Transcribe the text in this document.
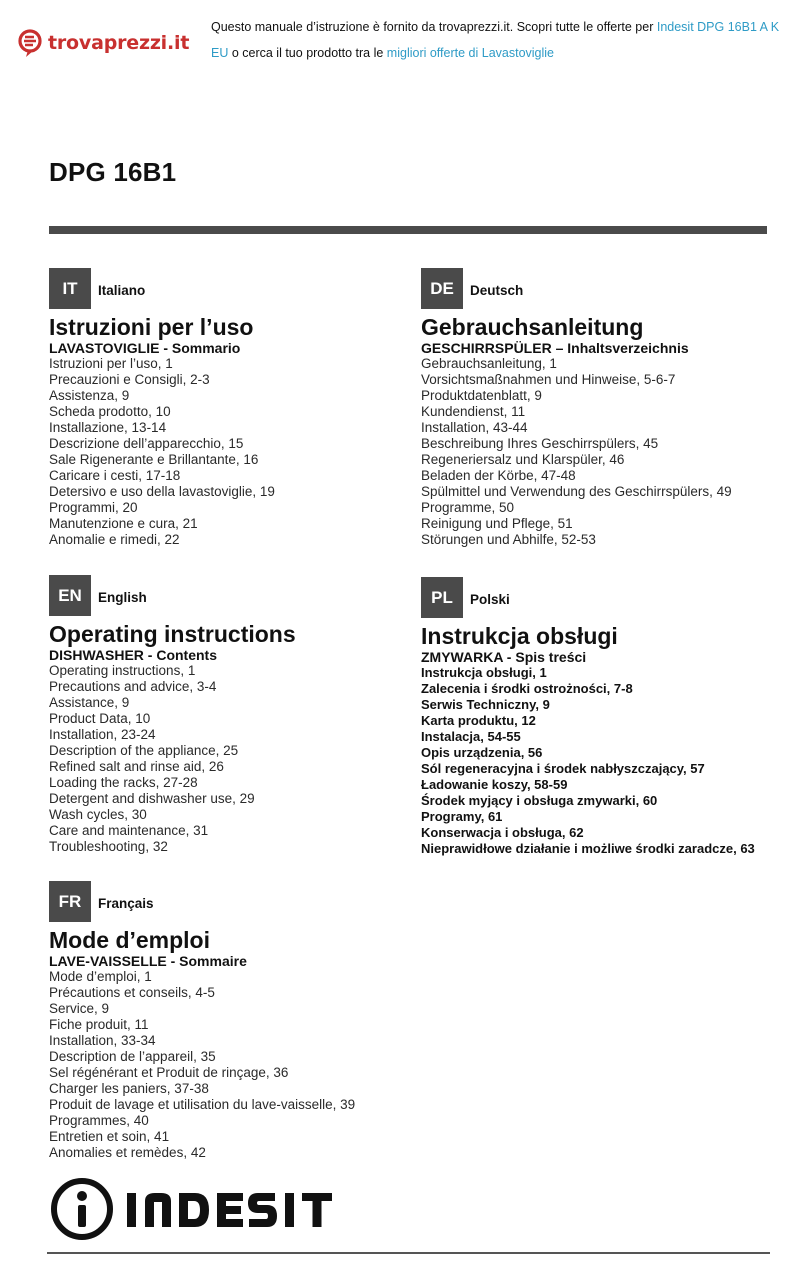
trovaprezzi.it
Questo manuale d’istruzione è fornito da trovaprezzi.it. Scopri tutte le offerte per Indesit DPG 16B1 A K EU o cerca il tuo prodotto tra le migliori offerte di Lavastoviglie
DPG 16B1
IT	Italiano
Istruzioni per l’uso
LAVASTOVIGLIE - Sommario
Istruzioni per l’uso, 1
Precauzioni e Consigli, 2-3
Assistenza, 9
Scheda prodotto, 10
Installazione, 13-14
Descrizione dell’apparecchio, 15
Sale Rigenerante e Brillantante, 16
Caricare i cesti, 17-18
Detersivo e uso della lavastoviglie, 19
Programmi, 20
Manutenzione e cura, 21
Anomalie e rimedi, 22
DE	Deutsch
Gebrauchsanleitung
GESCHIRRSPÜLER – Inhaltsverzeichnis
Gebrauchsanleitung, 1
Vorsichtsmaßnahmen und Hinweise, 5-6-7
Produktdatenblatt, 9
Kundendienst, 11
Installation, 43-44
Beschreibung Ihres Geschirrspülers, 45
Regeneriersalz und Klarspüler, 46
Beladen der Körbe, 47-48
Spülmittel und Verwendung des Geschirrspülers, 49
Programme, 50
Reinigung und Pflege, 51
Störungen und Abhilfe, 52-53
EN	English
Operating instructions
DISHWASHER - Contents
Operating instructions, 1
Precautions and advice, 3-4
Assistance, 9
Product Data, 10
Installation, 23-24
Description of the appliance, 25
Refined salt and rinse aid, 26
Loading the racks, 27-28
Detergent and dishwasher use, 29
Wash cycles, 30
Care and maintenance, 31
Troubleshooting, 32
PL	Polski
Instrukcja obsługi
ZMYWARKA - Spis treści
Instrukcja obsługi, 1
Zalecenia i środki ostrożności, 7-8
Serwis Techniczny, 9
Karta produktu, 12
Instalacja, 54-55
Opis urządzenia, 56
Sól regeneracyjna i środek nabłyszczający, 57
Ładowanie koszy, 58-59
Środek myjący i obsługa zmywarki, 60
Programy, 61
Konserwacja i obsługa, 62
Nieprawidłowe działanie i możliwe środki zaradcze, 63
FR	Français
Mode d’emploi
LAVE-VAISSELLE - Sommaire
Mode d’emploi, 1
Précautions et conseils, 4-5
Service, 9
Fiche produit, 11
Installation, 33-34
Description de l’appareil, 35
Sel régénérant et Produit de rinçage, 36
Charger les paniers, 37-38
Produit de lavage et utilisation du lave-vaisselle, 39
Programmes, 40
Entretien et soin, 41
Anomalies et remèdes, 42
